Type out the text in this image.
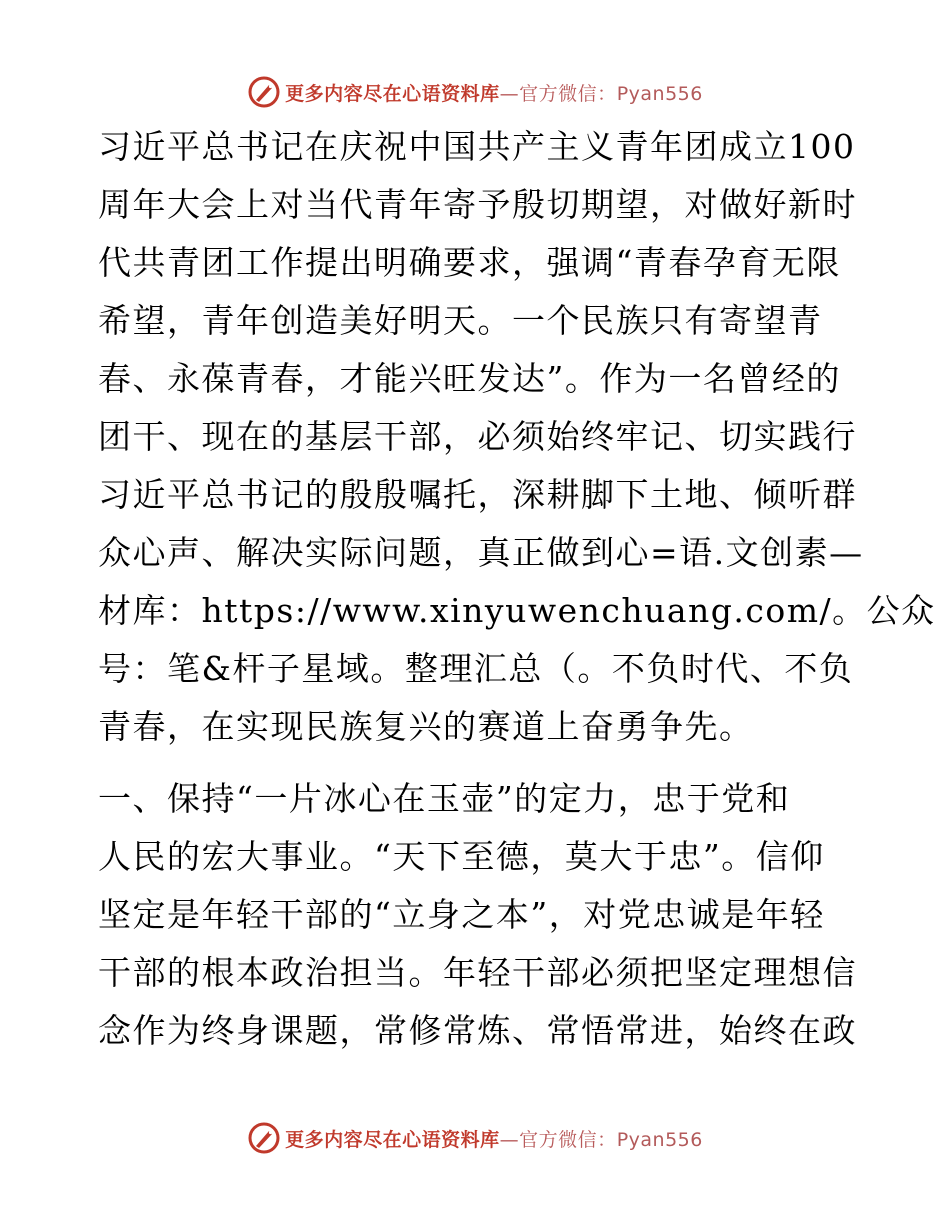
更多内容尽在心语资料库—官方微信：Pyan556

习近平总书记在庆祝中国共产主义青年团成立100
周年大会上对当代青年寄予殷切期望，对做好新时
代共青团工作提出明确要求，强调“青春孕育无限
希望，青年创造美好明天。一个民族只有寄望青
春、永葆青春，才能兴旺发达”。作为一名曾经的
团干、现在的基层干部，必须始终牢记、切实践行
习近平总书记的殷殷嘱托，深耕脚下土地、倾听群
众心声、解决实际问题，真正做到心=语.文创素—
材库：https://www.xinyuwenchuang.com/。公众
号：笔&杆子星域。整理汇总（。不负时代、不负
青春，在实现民族复兴的赛道上奋勇争先。

一、保持“一片冰心在玉壶”的定力，忠于党和
人民的宏大事业。“天下至德，莫大于忠”。信仰
坚定是年轻干部的“立身之本”，对党忠诚是年轻
干部的根本政治担当。年轻干部必须把坚定理想信
念作为终身课题，常修常炼、常悟常进，始终在政

更多内容尽在心语资料库—官方微信：Pyan556
